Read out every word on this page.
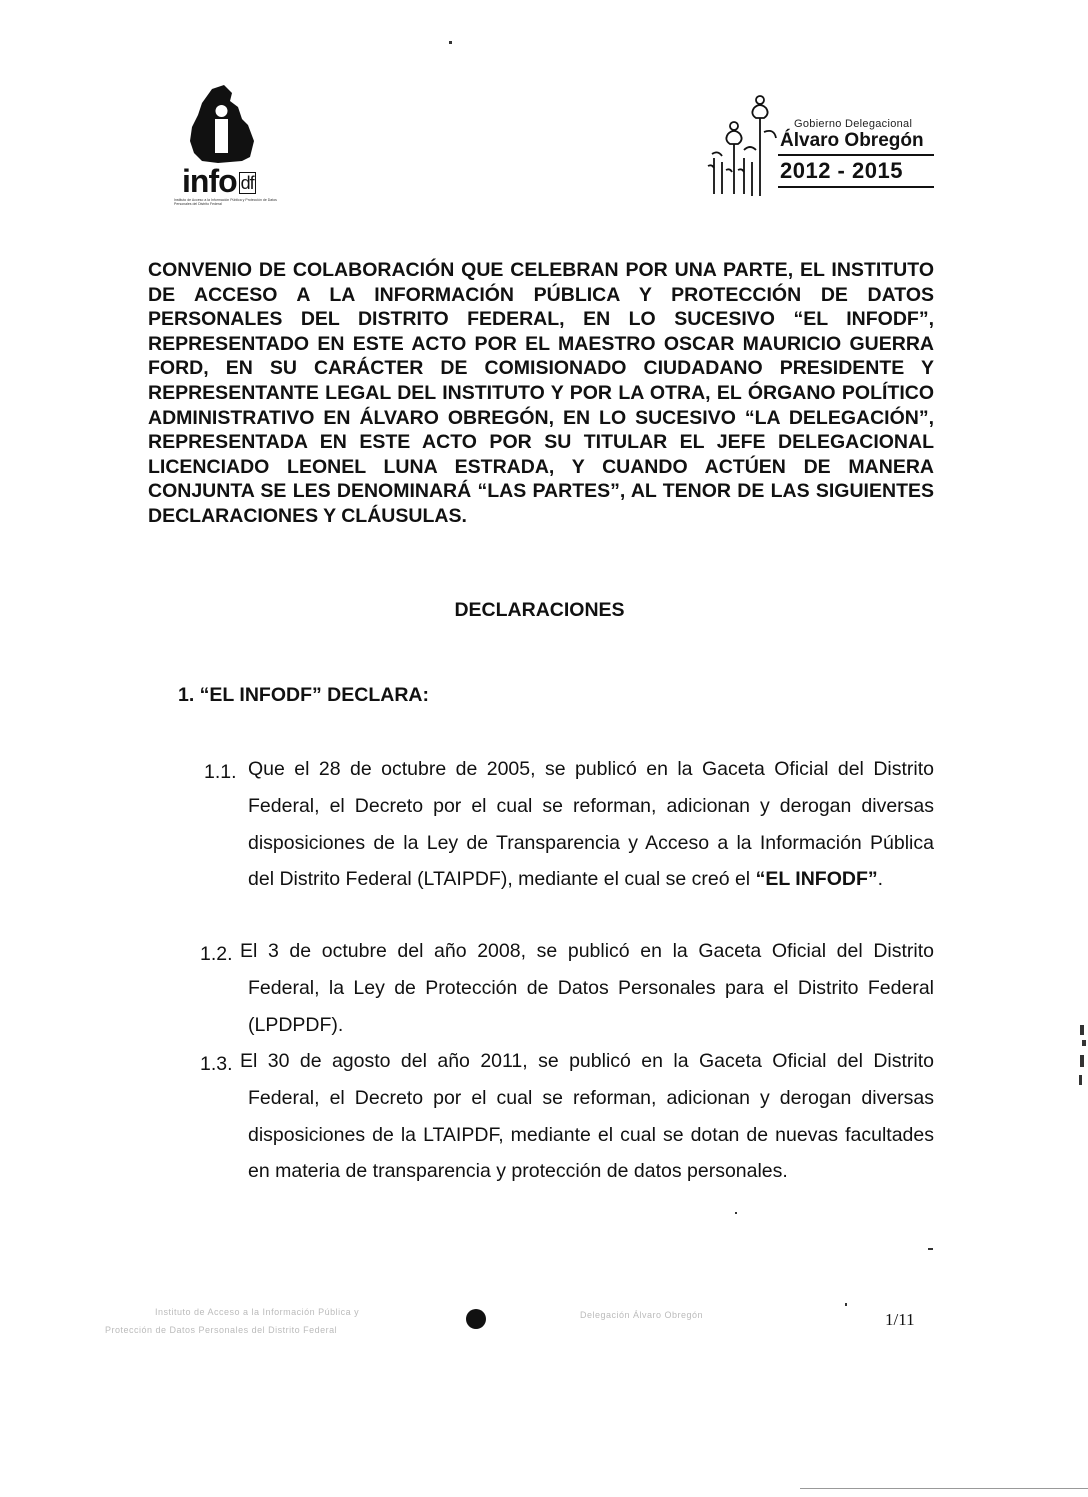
info df
Instituto de Acceso a la Información Pública y Protección de Datos Personales del Distrito Federal
Gobierno Delegacional
Álvaro Obregón
2012 - 2015

CONVENIO DE COLABORACIÓN QUE CELEBRAN POR UNA PARTE, EL INSTITUTO DE ACCESO A LA INFORMACIÓN PÚBLICA Y PROTECCIÓN DE DATOS PERSONALES DEL DISTRITO FEDERAL, EN LO SUCESIVO “EL INFODF”, REPRESENTADO EN ESTE ACTO POR EL MAESTRO OSCAR MAURICIO GUERRA FORD, EN SU CARÁCTER DE COMISIONADO CIUDADANO PRESIDENTE Y REPRESENTANTE LEGAL DEL INSTITUTO Y POR LA OTRA, EL ÓRGANO POLÍTICO ADMINISTRATIVO EN ÁLVARO OBREGÓN, EN LO SUCESIVO “LA DELEGACIÓN”, REPRESENTADA EN ESTE ACTO POR SU TITULAR EL JEFE DELEGACIONAL LICENCIADO LEONEL LUNA ESTRADA, Y CUANDO ACTÚEN DE MANERA CONJUNTA SE LES DENOMINARÁ “LAS PARTES”, AL TENOR DE LAS SIGUIENTES DECLARACIONES Y CLÁUSULAS.

DECLARACIONES

1. “EL INFODF” DECLARA:

1.1. Que el 28 de octubre de 2005, se publicó en la Gaceta Oficial del Distrito Federal, el Decreto por el cual se reforman, adicionan y derogan diversas disposiciones de la Ley de Transparencia y Acceso a la Información Pública del Distrito Federal (LTAIPDF), mediante el cual se creó el “EL INFODF”.

1.2. El 3 de octubre del año 2008, se publicó en la Gaceta Oficial del Distrito Federal, la Ley de Protección de Datos Personales para el Distrito Federal (LPDPDF).

1.3. El 30 de agosto del año 2011, se publicó en la Gaceta Oficial del Distrito Federal, el Decreto por el cual se reforman, adicionan y derogan diversas disposiciones de la LTAIPDF, mediante el cual se dotan de nuevas facultades en materia de transparencia y protección de datos personales.

Instituto de Acceso a la Información Pública y
Protección de Datos Personales del Distrito Federal
Delegación Álvaro Obregón	1/11
